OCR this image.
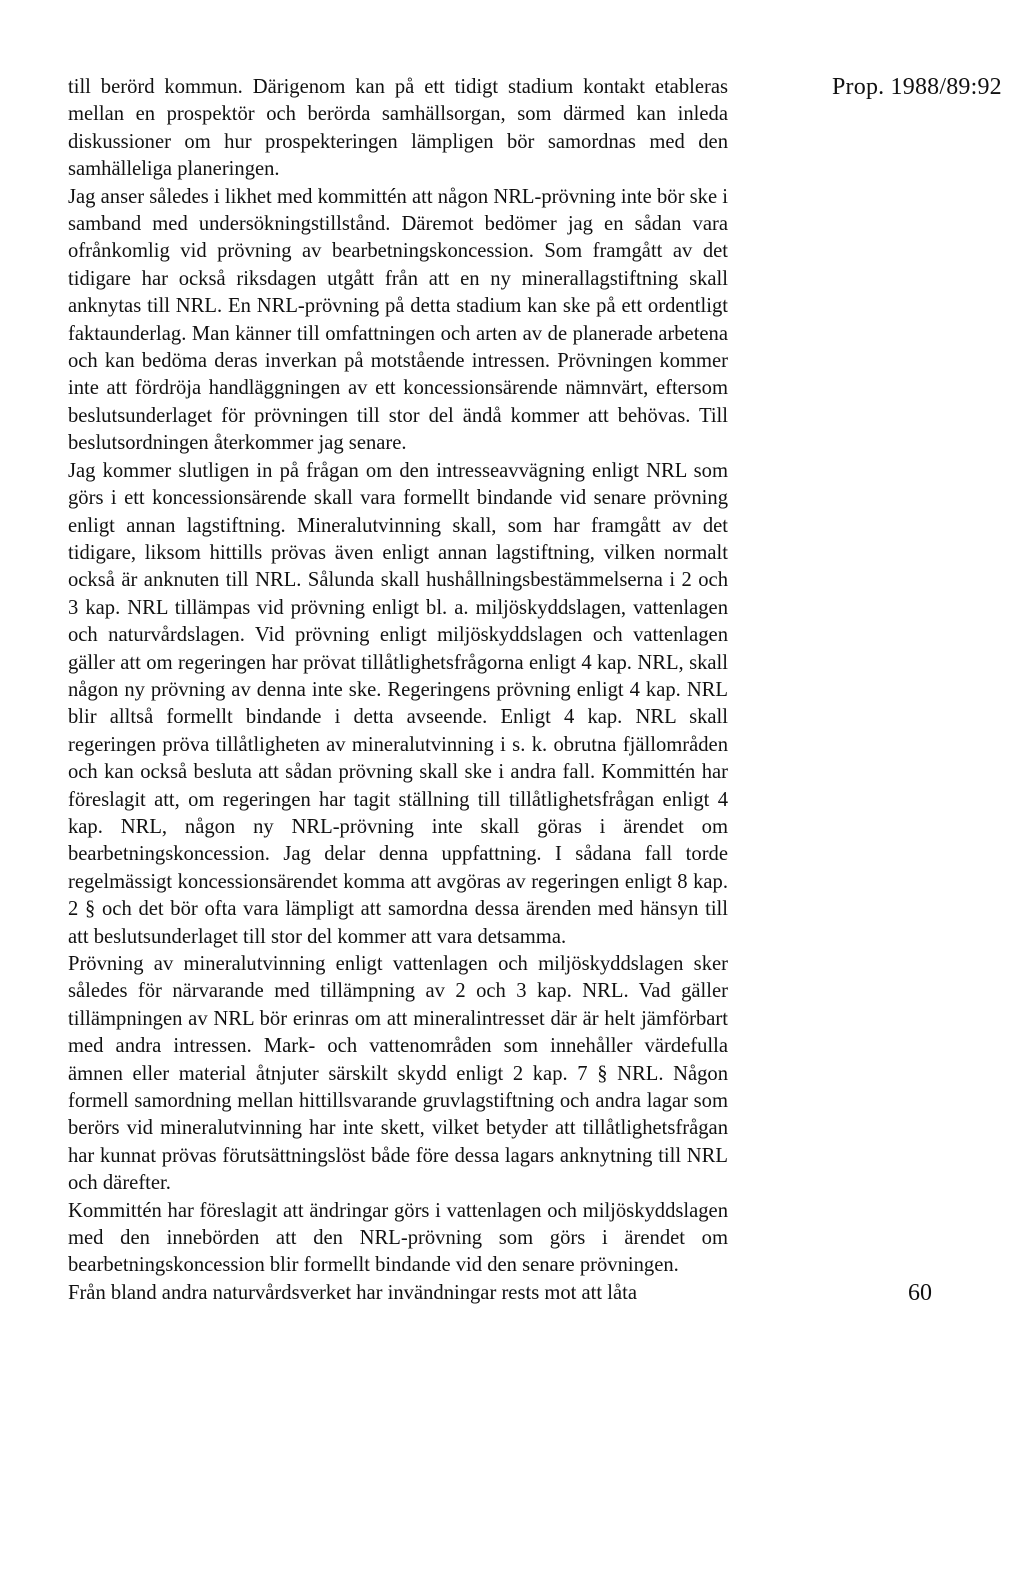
Prop. 1988/89:92

till berörd kommun. Därigenom kan på ett tidigt stadium kontakt etableras mellan en prospektör och berörda samhällsorgan, som därmed kan inleda diskussioner om hur prospekteringen lämpligen bör samordnas med den samhälleliga planeringen.

Jag anser således i likhet med kommittén att någon NRL-prövning inte bör ske i samband med undersökningstillstånd. Däremot bedömer jag en sådan vara ofrånkomlig vid prövning av bearbetningskoncession. Som framgått av det tidigare har också riksdagen utgått från att en ny minerallagstiftning skall anknytas till NRL. En NRL-prövning på detta stadium kan ske på ett ordentligt faktaunderlag. Man känner till omfattningen och arten av de planerade arbetena och kan bedöma deras inverkan på motstående intressen. Prövningen kommer inte att fördröja handläggningen av ett koncessionsärende nämnvärt, eftersom beslutsunderlaget för prövningen till stor del ändå kommer att behövas. Till beslutsordningen återkommer jag senare.

Jag kommer slutligen in på frågan om den intresseavvägning enligt NRL som görs i ett koncessionsärende skall vara formellt bindande vid senare prövning enligt annan lagstiftning. Mineralutvinning skall, som har framgått av det tidigare, liksom hittills prövas även enligt annan lagstiftning, vilken normalt också är anknuten till NRL. Sålunda skall hushållningsbestämmelserna i 2 och 3 kap. NRL tillämpas vid prövning enligt bl. a. miljöskyddslagen, vattenlagen och naturvårdslagen. Vid prövning enligt miljöskyddslagen och vattenlagen gäller att om regeringen har prövat tillåtlighetsfrågorna enligt 4 kap. NRL, skall någon ny prövning av denna inte ske. Regeringens prövning enligt 4 kap. NRL blir alltså formellt bindande i detta avseende. Enligt 4 kap. NRL skall regeringen pröva tillåtligheten av mineralutvinning i s. k. obrutna fjällområden och kan också besluta att sådan prövning skall ske i andra fall. Kommittén har föreslagit att, om regeringen har tagit ställning till tillåtlighetsfrågan enligt 4 kap. NRL, någon ny NRL-prövning inte skall göras i ärendet om bearbetningskoncession. Jag delar denna uppfattning. I sådana fall torde regelmässigt koncessionsärendet komma att avgöras av regeringen enligt 8 kap. 2 § och det bör ofta vara lämpligt att samordna dessa ärenden med hänsyn till att beslutsunderlaget till stor del kommer att vara detsamma.

Prövning av mineralutvinning enligt vattenlagen och miljöskyddslagen sker således för närvarande med tillämpning av 2 och 3 kap. NRL. Vad gäller tillämpningen av NRL bör erinras om att mineralintresset där är helt jämförbart med andra intressen. Mark- och vattenområden som innehåller värdefulla ämnen eller material åtnjuter särskilt skydd enligt 2 kap. 7 § NRL. Någon formell samordning mellan hittillsvarande gruvlagstiftning och andra lagar som berörs vid mineralutvinning har inte skett, vilket betyder att tillåtlighetsfrågan har kunnat prövas förutsättningslöst både före dessa lagars anknytning till NRL och därefter.

Kommittén har föreslagit att ändringar görs i vattenlagen och miljöskyddslagen med den innebörden att den NRL-prövning som görs i ärendet om bearbetningskoncession blir formellt bindande vid den senare prövningen.

Från bland andra naturvårdsverket har invändningar rests mot att låta	60
